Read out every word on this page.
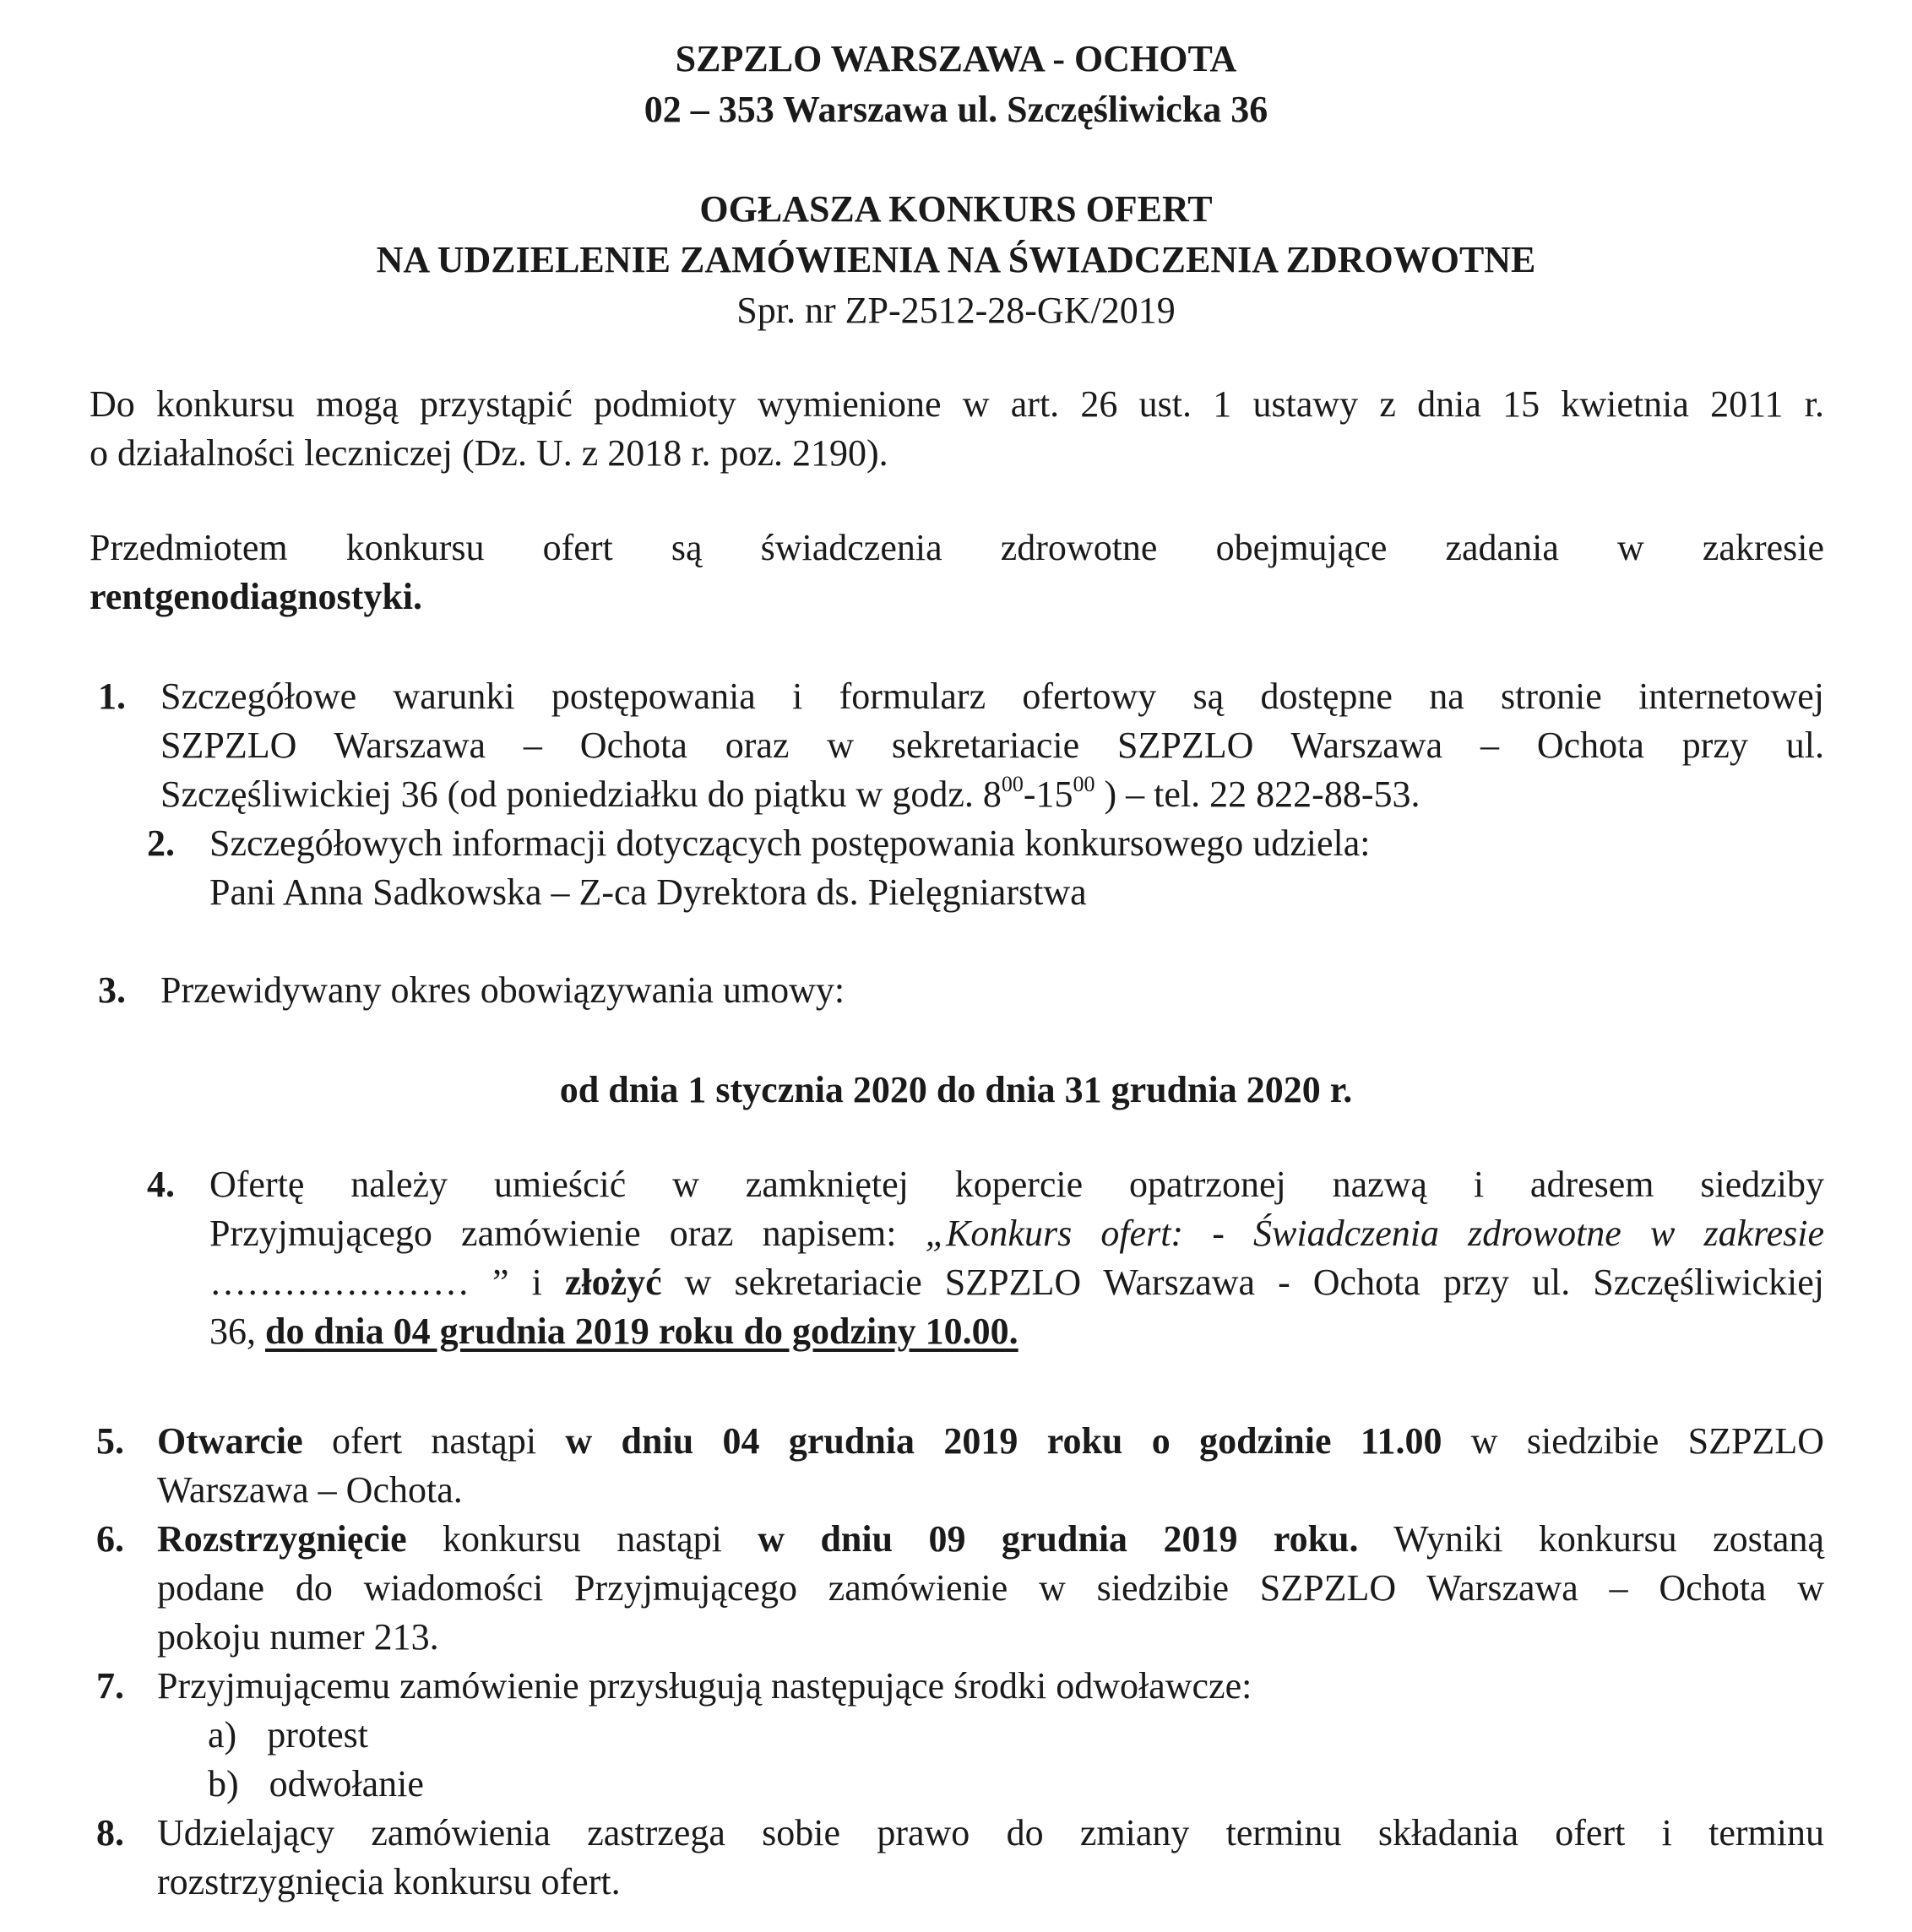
SZPZLO WARSZAWA - OCHOTA
02 – 353 Warszawa ul. Szczęśliwicka 36
OGŁASZA KONKURS OFERT
NA UDZIELENIE ZAMÓWIENIA NA ŚWIADCZENIA ZDROWOTNE
Spr. nr ZP-2512-28-GK/2019
Do konkursu mogą przystąpić podmioty wymienione w art. 26 ust. 1 ustawy z dnia 15 kwietnia 2011 r.
o działalności leczniczej (Dz. U. z 2018 r. poz. 2190).
Przedmiotem konkursu ofert są świadczenia zdrowotne obejmujące zadania w zakresie
rentgenodiagnostyki.
1. Szczegółowe warunki postępowania i formularz ofertowy są dostępne na stronie internetowej
SZPZLO Warszawa – Ochota oraz w sekretariacie SZPZLO Warszawa – Ochota przy ul.
Szczęśliwickiej 36 (od poniedziałku do piątku w godz. $8^{00}-15^{00}$ ) – tel. 22 822-88-53.
2. Szczegółowych informacji dotyczących postępowania konkursowego udziela:
Pani Anna Sadkowska – Z-ca Dyrektora ds. Pielęgniarstwa
3. Przewidywany okres obowiązywania umowy:
od dnia 1 stycznia 2020 do dnia 31 grudnia 2020 r.
4. Ofertę należy umieścić w zamkniętej kopercie opatrzonej nazwą i adresem siedziby
Przyjmującego zamówienie oraz napisem: „Konkurs ofert: - Świadczenia zdrowotne w zakresie
………………… ” i złożyć w sekretariacie SZPZLO Warszawa - Ochota przy ul. Szczęśliwickiej
36, do dnia 04 grudnia 2019 roku do godziny 10.00.
5. Otwarcie ofert nastąpi w dniu 04 grudnia 2019 roku o godzinie 11.00 w siedzibie SZPZLO
Warszawa – Ochota.
6. Rozstrzygnięcie konkursu nastąpi w dniu 09 grudnia 2019 roku. Wyniki konkursu zostaną
podane do wiadomości Przyjmującego zamówienie w siedzibie SZPZLO Warszawa – Ochota w
pokoju numer 213.
7. Przyjmującemu zamówienie przysługują następujące środki odwoławcze:
a) protest
b) odwołanie
8. Udzielający zamówienia zastrzega sobie prawo do zmiany terminu składania ofert i terminu
rozstrzygnięcia konkursu ofert.
